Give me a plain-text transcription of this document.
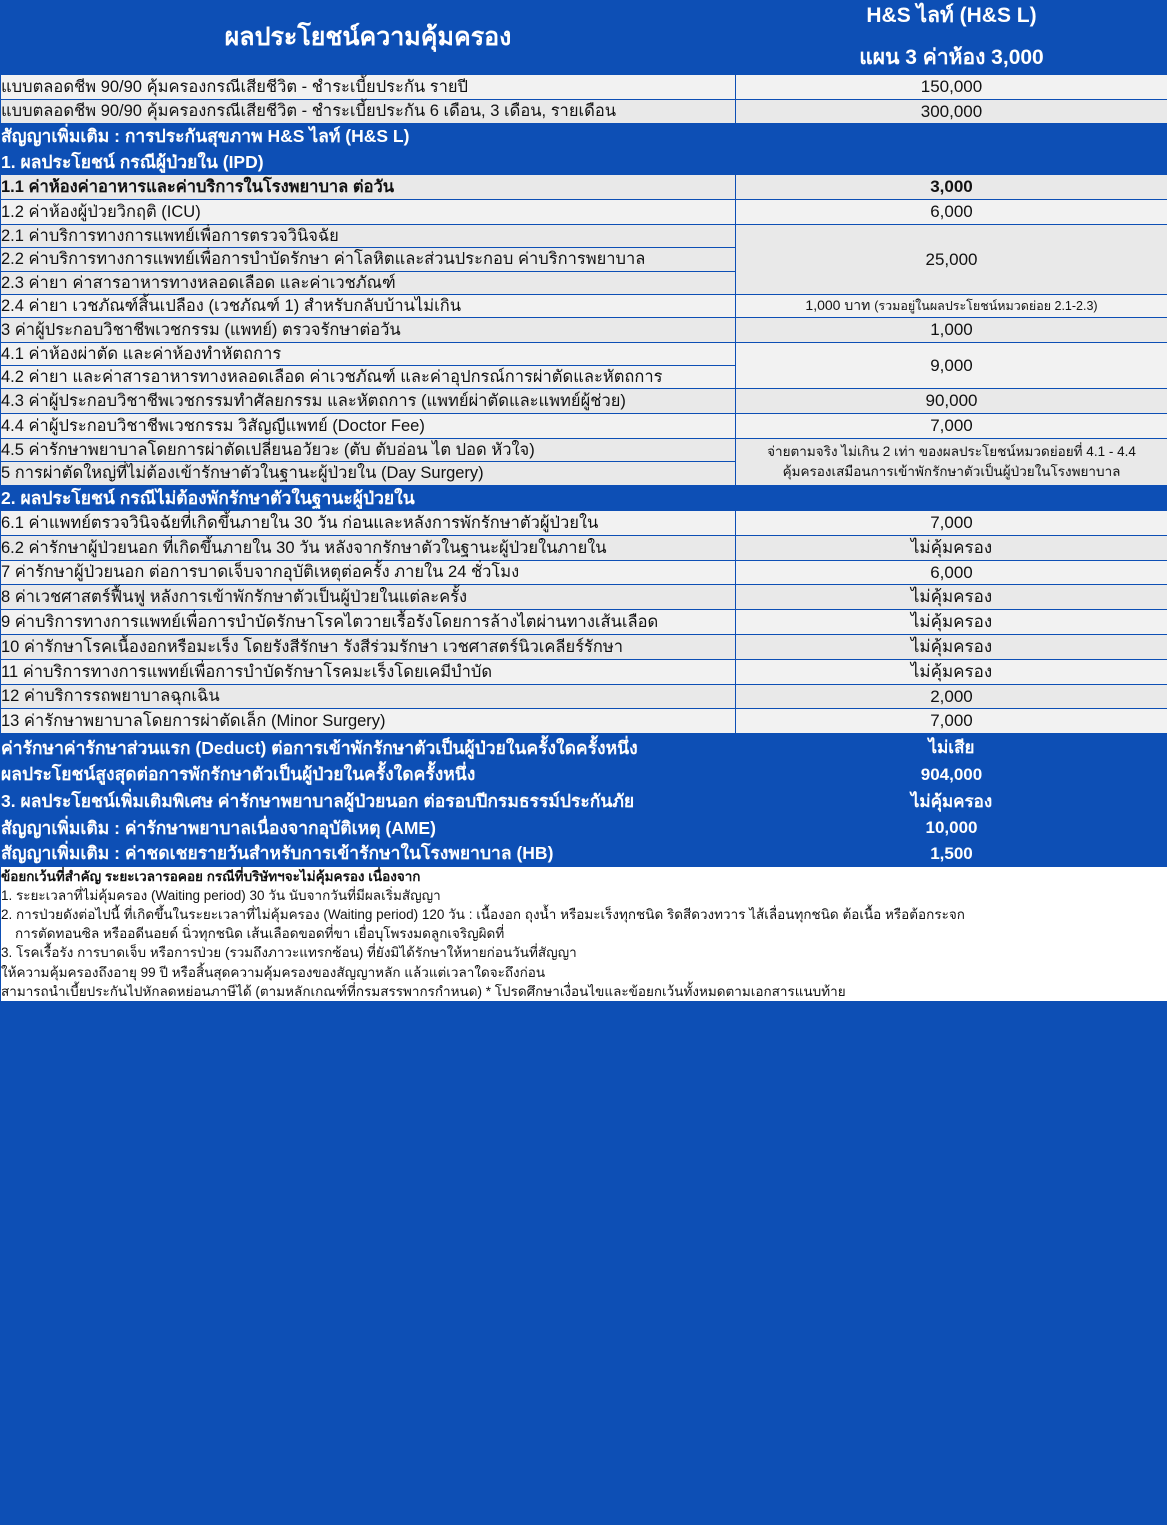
ผลประโยชน์ความคุ้มครอง	H&S ไลท์ (H&S L)
แผน 3 ค่าห้อง 3,000

แบบตลอดชีพ 90/90 คุ้มครองกรณีเสียชีวิต - ชำระเบี้ยประกัน รายปี	150,000
แบบตลอดชีพ 90/90 คุ้มครองกรณีเสียชีวิต - ชำระเบี้ยประกัน 6 เดือน, 3 เดือน, รายเดือน	300,000
สัญญาเพิ่มเติม : การประกันสุขภาพ H&S ไลท์ (H&S L)	
1. ผลประโยชน์ กรณีผู้ป่วยใน (IPD)	
1.1 ค่าห้องค่าอาหารและค่าบริการในโรงพยาบาล ต่อวัน	3,000
1.2 ค่าห้องผู้ป่วยวิกฤติ (ICU)	6,000
2.1 ค่าบริการทางการแพทย์เพื่อการตรวจวินิจฉัย	25,000
2.2 ค่าบริการทางการแพทย์เพื่อการบำบัดรักษา ค่าโลหิตและส่วนประกอบ ค่าบริการพยาบาล	
2.3 ค่ายา ค่าสารอาหารทางหลอดเลือด และค่าเวชภัณฑ์	
2.4 ค่ายา เวชภัณฑ์สิ้นเปลือง (เวชภัณฑ์ 1) สำหรับกลับบ้านไม่เกิน	1,000 บาท (รวมอยู่ในผลประโยชน์หมวดย่อย 2.1-2.3)
3 ค่าผู้ประกอบวิชาชีพเวชกรรม (แพทย์) ตรวจรักษาต่อวัน	1,000
4.1 ค่าห้องผ่าตัด และค่าห้องทำหัตถการ	9,000
4.2 ค่ายา และค่าสารอาหารทางหลอดเลือด ค่าเวชภัณฑ์ และค่าอุปกรณ์การผ่าตัดและหัตถการ	
4.3 ค่าผู้ประกอบวิชาชีพเวชกรรมทำศัลยกรรม และหัตถการ (แพทย์ผ่าตัดและแพทย์ผู้ช่วย)	90,000
4.4 ค่าผู้ประกอบวิชาชีพเวชกรรม วิสัญญีแพทย์ (Doctor Fee)	7,000
4.5 ค่ารักษาพยาบาลโดยการผ่าตัดเปลี่ยนอวัยวะ (ตับ ตับอ่อน ไต ปอด หัวใจ)	จ่ายตามจริง ไม่เกิน 2 เท่า ของผลประโยชน์หมวดย่อยที่ 4.1 - 4.4
คุ้มครองเสมือนการเข้าพักรักษาตัวเป็นผู้ป่วยในโรงพยาบาล

5 การผ่าตัดใหญ่ที่ไม่ต้องเข้ารักษาตัวในฐานะผู้ป่วยใน (Day Surgery)	
2. ผลประโยชน์ กรณีไม่ต้องพักรักษาตัวในฐานะผู้ป่วยใน	
6.1 ค่าแพทย์ตรวจวินิจฉัยที่เกิดขึ้นภายใน 30 วัน ก่อนและหลังการพักรักษาตัวผู้ป่วยใน	7,000
6.2 ค่ารักษาผู้ป่วยนอก ที่เกิดขึ้นภายใน 30 วัน หลังจากรักษาตัวในฐานะผู้ป่วยในภายใน	ไม่คุ้มครอง
7 ค่ารักษาผู้ป่วยนอก ต่อการบาดเจ็บจากอุบัติเหตุต่อครั้ง ภายใน 24 ชั่วโมง	6,000
8 ค่าเวชศาสตร์ฟื้นฟู หลังการเข้าพักรักษาตัวเป็นผู้ป่วยในแต่ละครั้ง	ไม่คุ้มครอง
9 ค่าบริการทางการแพทย์เพื่อการบำบัดรักษาโรคไตวายเรื้อรังโดยการล้างไตผ่านทางเส้นเลือด	ไม่คุ้มครอง
10 ค่ารักษาโรคเนื้องอกหรือมะเร็ง โดยรังสีรักษา รังสีร่วมรักษา เวชศาสตร์นิวเคลียร์รักษา	ไม่คุ้มครอง
11 ค่าบริการทางการแพทย์เพื่อการบำบัดรักษาโรคมะเร็งโดยเคมีบำบัด	ไม่คุ้มครอง
12 ค่าบริการรถพยาบาลฉุกเฉิน	2,000
13 ค่ารักษาพยาบาลโดยการผ่าตัดเล็ก (Minor Surgery)	7,000
ค่ารักษาค่ารักษาส่วนแรก (Deduct) ต่อการเข้าพักรักษาตัวเป็นผู้ป่วยในครั้งใดครั้งหนึ่ง	ไม่เสีย
ผลประโยชน์สูงสุดต่อการพักรักษาตัวเป็นผู้ป่วยในครั้งใดครั้งหนึ่ง	904,000
3. ผลประโยชน์เพิ่มเติมพิเศษ ค่ารักษาพยาบาลผู้ป่วยนอก ต่อรอบปีกรมธรรม์ประกันภัย	ไม่คุ้มครอง
สัญญาเพิ่มเติม : ค่ารักษาพยาบาลเนื่องจากอุบัติเหตุ (AME)	10,000
สัญญาเพิ่มเติม : ค่าชดเชยรายวันสำหรับการเข้ารักษาในโรงพยาบาล (HB)	1,500

ข้อยกเว้นที่สำคัญ ระยะเวลารอคอย กรณีที่บริษัทฯจะไม่คุ้มครอง เนื่องจาก
1. ระยะเวลาที่ไม่คุ้มครอง (Waiting period) 30 วัน นับจากวันที่มีผลเริ่มสัญญา
2. การป่วยดังต่อไปนี้ ที่เกิดขึ้นในระยะเวลาที่ไม่คุ้มครอง (Waiting period) 120 วัน : เนื้องอก ถุงน้ำ หรือมะเร็งทุกชนิด ริดสีดวงทวาร ไส้เลื่อนทุกชนิด ต้อเนื้อ หรือต้อกระจก
การตัดทอนซิล หรืออดีนอยด์ นิ่วทุกชนิด เส้นเลือดขอดที่ขา เยื่อบุโพรงมดลูกเจริญผิดที่
3. โรคเรื้อรัง การบาดเจ็บ หรือการป่วย (รวมถึงภาวะแทรกซ้อน) ที่ยังมิได้รักษาให้หายก่อนวันที่สัญญา
ให้ความคุ้มครองถึงอายุ 99 ปี หรือสิ้นสุดความคุ้มครองของสัญญาหลัก แล้วแต่เวลาใดจะถึงก่อน
สามารถนำเบี้ยประกันไปหักลดหย่อนภาษีได้ (ตามหลักเกณฑ์ที่กรมสรรพากรกำหนด) * โปรดศึกษาเงื่อนไขและข้อยกเว้นทั้งหมดตามเอกสารแนบท้าย
